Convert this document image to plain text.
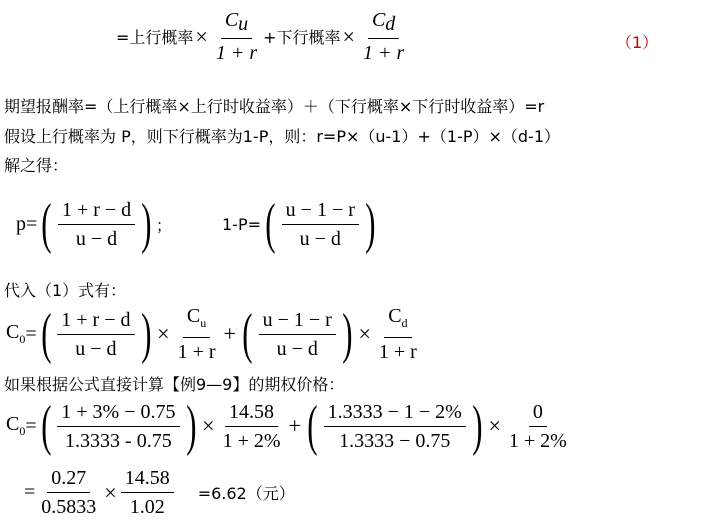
=上行概率 × $\frac{C_u}{1 + r}$ +下行概率 × $\frac{C_d}{1 + r}$	（1）
期望报酬率=（上行概率×上行时收益率）＋（下行概率×下行时收益率）=r
假设上行概率为 P，则下行概率为1-P，则：r=P×（u-1）+（1-P）×（d-1）
解之得：
p= ( $\frac{1 + r - d}{u - d}$ ) ；	1-P= ( $\frac{u - 1 - r}{u - d}$ )
代入（1）式有：
$C_0$ = ( $\frac{1 + r - d}{u - d}$ ) × $\frac{C_u}{1 + r}$ + ( $\frac{u - 1 - r}{u - d}$ ) × $\frac{C_d}{1 + r}$
如果根据公式直接计算【例9—9】的期权价格：
$C_0$ = ( $\frac{1 + 3\% - 0.75}{1.3333 - 0.75}$ ) × $\frac{14.58}{1 + 2\%}$ + ( $\frac{1.3333 - 1 - 2\%}{1.3333 - 0.75}$ ) × $\frac{0}{1 + 2\%}$
= $\frac{0.27}{0.5833} \times \frac{14.58}{1.02} =6.62$（元）
